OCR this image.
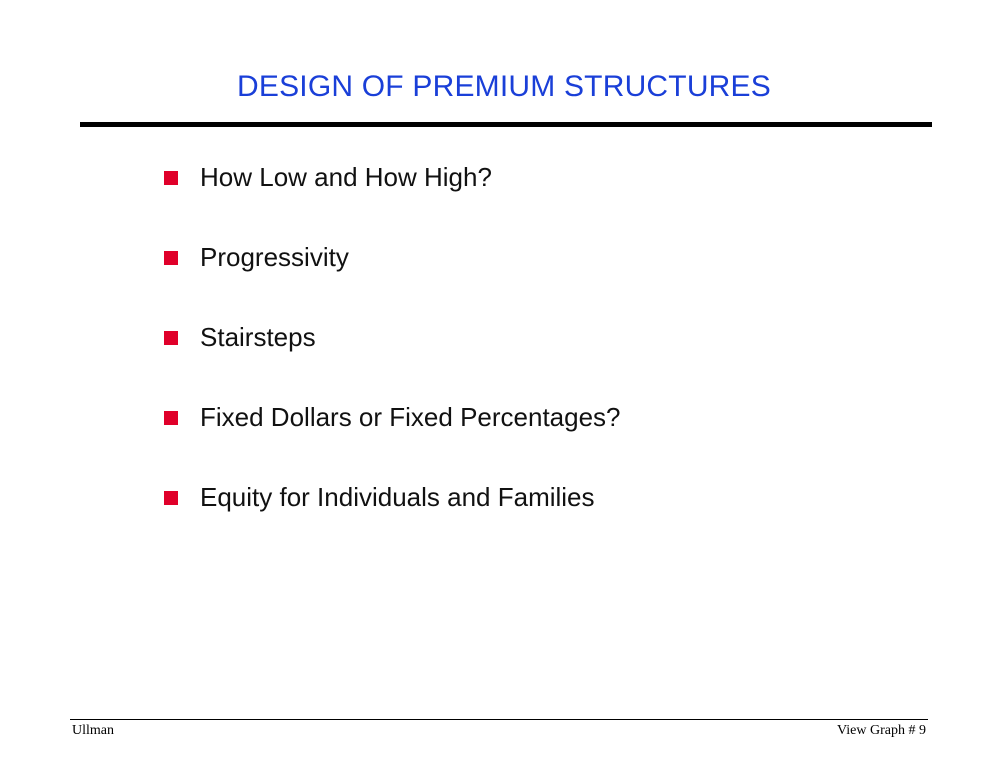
DESIGN OF PREMIUM STRUCTURES
How Low and How High?
Progressivity
Stairsteps
Fixed Dollars or Fixed Percentages?
Equity for Individuals and Families
Ullman	View Graph # 9
